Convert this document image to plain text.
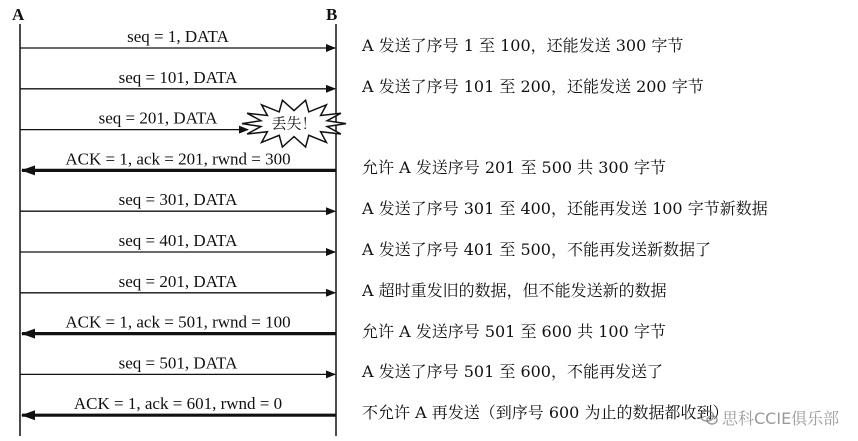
A	B
seq = 1, DATA
seq = 101, DATA
seq = 201, DATA	丢失！
ACK = 1, ack = 201, rwnd = 300
seq = 301, DATA
seq = 401, DATA
seq = 201, DATA
ACK = 1, ack = 501, rwnd = 100
seq = 501, DATA
ACK = 1, ack = 601, rwnd = 0
A 发送了序号 1 至 100，还能发送 300 字节
A 发送了序号 101 至 200，还能发送 200 字节
允许 A 发送序号 201 至 500 共 300 字节
A 发送了序号 301 至 400，还能再发送 100 字节新数据
A 发送了序号 401 至 500，不能再发送新数据了
A 超时重发旧的数据，但不能发送新的数据
允许 A 发送序号 501 至 600 共 100 字节
A 发送了序号 501 至 600，不能再发送了
不允许 A 再发送（到序号 600 为止的数据都收到）
思科CCIE俱乐部
